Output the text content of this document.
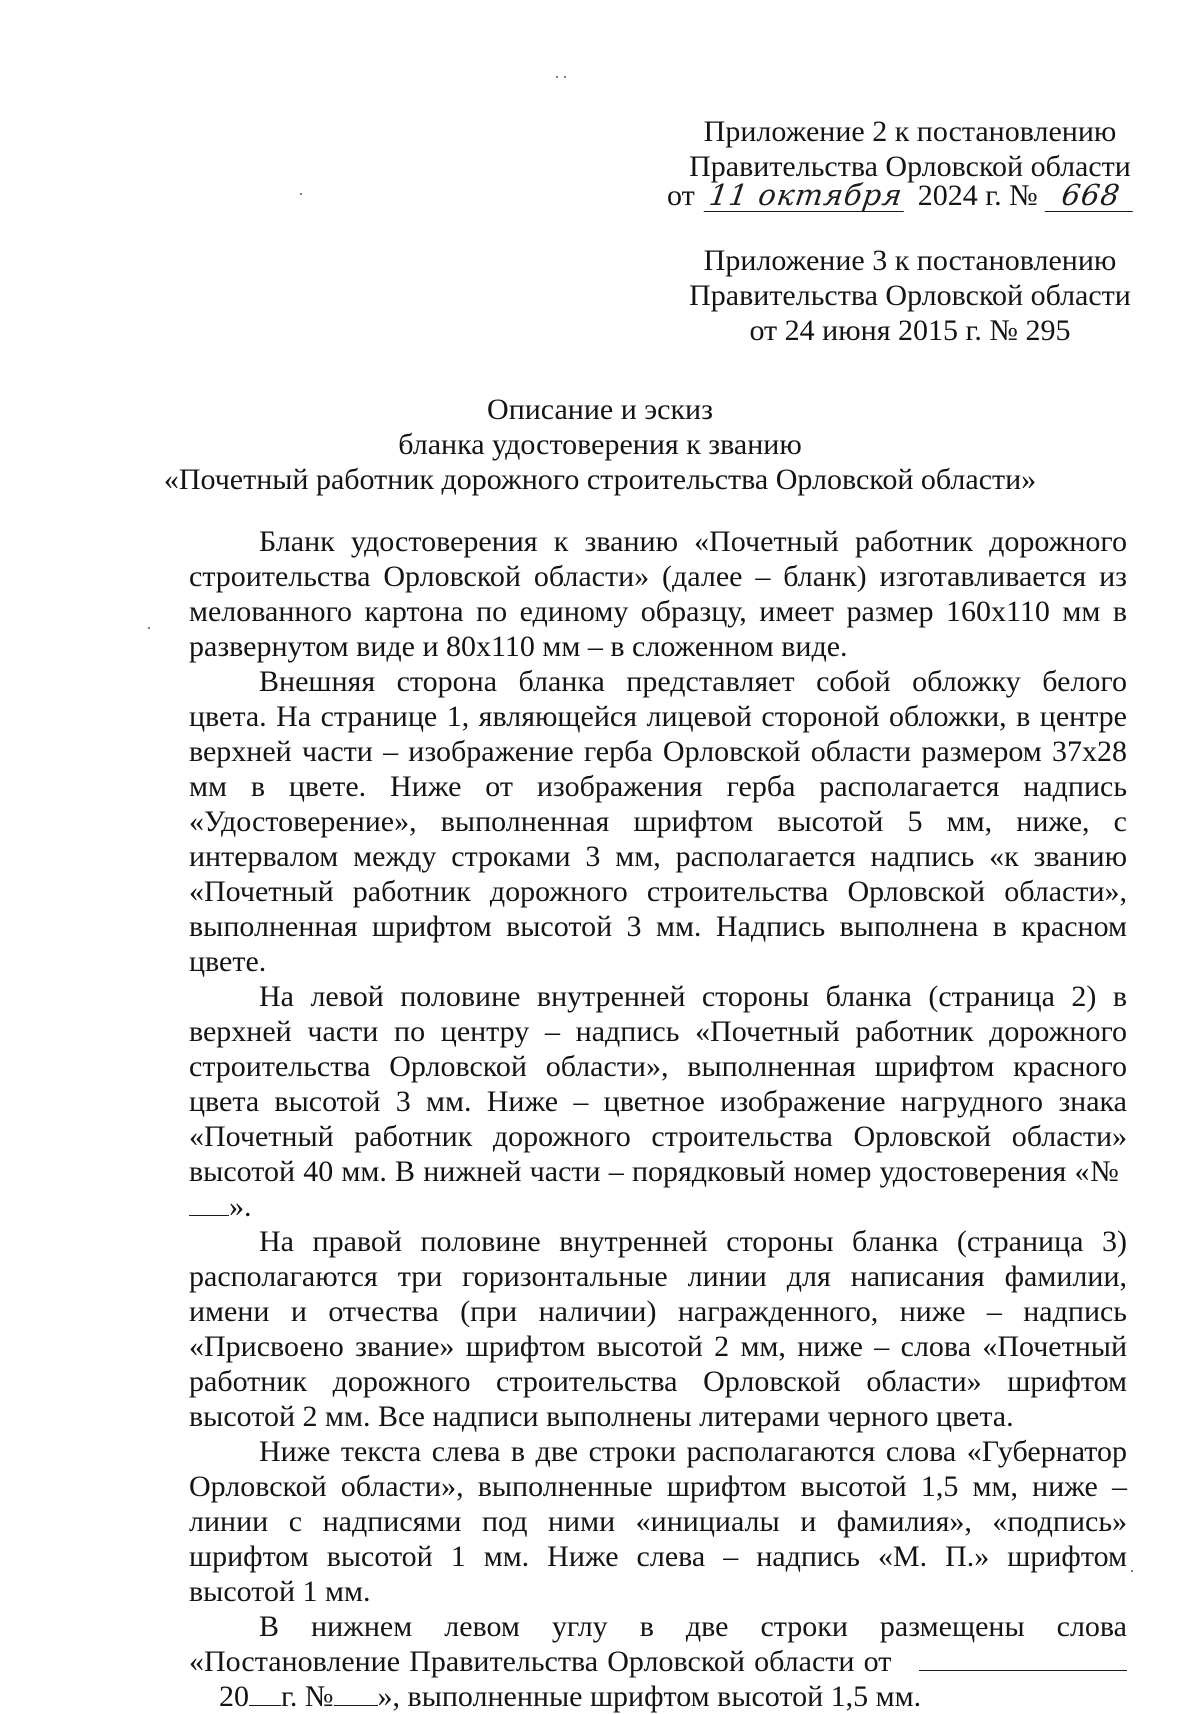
Приложение 2 к постановлению
Правительства Орловской области
от 11 октября 2024 г. № 668
Приложение 3 к постановлению
Правительства Орловской области
от 24 июня 2015 г. № 295
Описание и эскиз
бланка удостоверения к званию
«Почетный работник дорожного строительства Орловской области»

Бланк удостоверения к званию «Почетный работник дорожного строительства Орловской области» (далее – бланк) изготавливается из мелованного картона по единому образцу, имеет размер 160х110 мм в развернутом виде и 80х110 мм – в сложенном виде.

Внешняя сторона бланка представляет собой обложку белого цвета. На странице 1, являющейся лицевой стороной обложки, в центре верхней части – изображение герба Орловской области размером 37х28 мм в цвете. Ниже от изображения герба располагается надпись «Удостоверение», выполненная шрифтом высотой 5 мм, ниже, с интервалом между строками 3 мм, располагается надпись «к званию «Почетный работник дорожного строительства Орловской области», выполненная шрифтом высотой 3 мм. Надпись выполнена в красном цвете.

На левой половине внутренней стороны бланка (страница 2) в верхней части по центру – надпись «Почетный работник дорожного строительства Орловской области», выполненная шрифтом красного цвета высотой 3 мм. Ниже – цветное изображение нагрудного знака «Почетный работник дорожного строительства Орловской области» высотой 40 мм. В нижней части – порядковый номер удостоверения «№ ».

На правой половине внутренней стороны бланка (страница 3) располагаются три горизонтальные линии для написания фамилии, имени и отчества (при наличии) награжденного, ниже – надпись «Присвоено звание» шрифтом высотой 2 мм, ниже – слова «Почетный работник дорожного строительства Орловской области» шрифтом высотой 2 мм. Все надписи выполнены литерами черного цвета.

Ниже текста слева в две строки располагаются слова «Губернатор Орловской области», выполненные шрифтом высотой 1,5 мм, ниже – линии с надписями под ними «инициалы и фамилия», «подпись» шрифтом высотой 1 мм. Ниже слева – надпись «М. П.» шрифтом высотой 1 мм.

В нижнем левом углу в две строки размещены слова «Постановление Правительства Орловской области от       20 г. № », выполненные шрифтом высотой 1,5 мм.
